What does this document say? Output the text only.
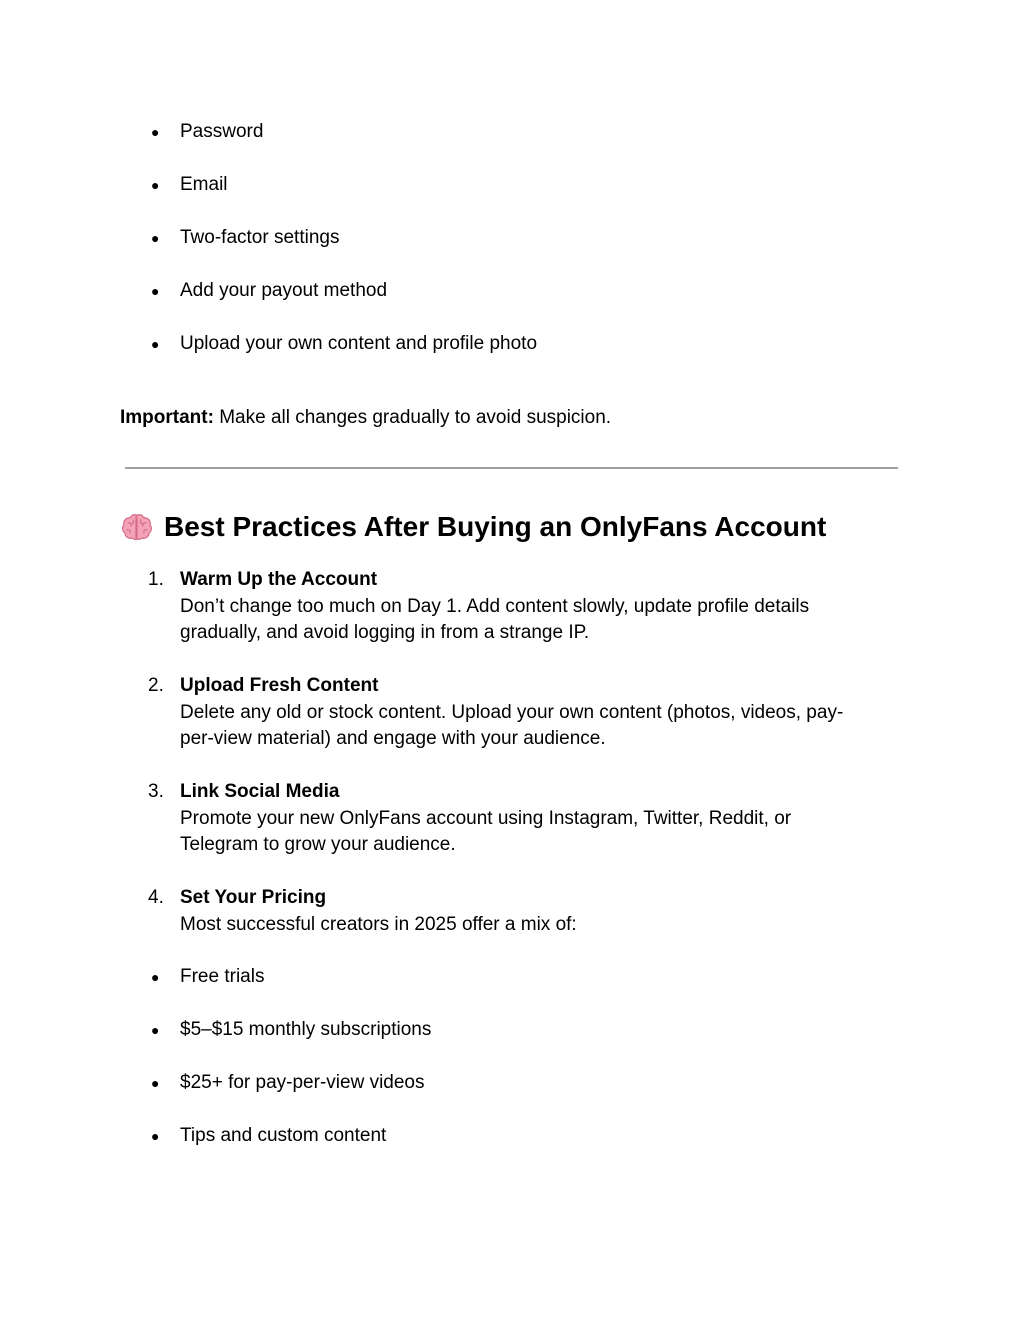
● Password
● Email
● Two-factor settings
● Add your payout method
● Upload your own content and profile photo

Important: Make all changes gradually to avoid suspicion.

Best Practices After Buying an OnlyFans Account
1. Warm Up the Account
Don’t change too much on Day 1. Add content slowly, update profile details gradually, and avoid logging in from a strange IP.
2. Upload Fresh Content
Delete any old or stock content. Upload your own content (photos, videos, pay-per-view material) and engage with your audience.
3. Link Social Media
Promote your new OnlyFans account using Instagram, Twitter, Reddit, or Telegram to grow your audience.
4. Set Your Pricing
Most successful creators in 2025 offer a mix of:
● Free trials
● $5–$15 monthly subscriptions
● $25+ for pay-per-view videos
● Tips and custom content
